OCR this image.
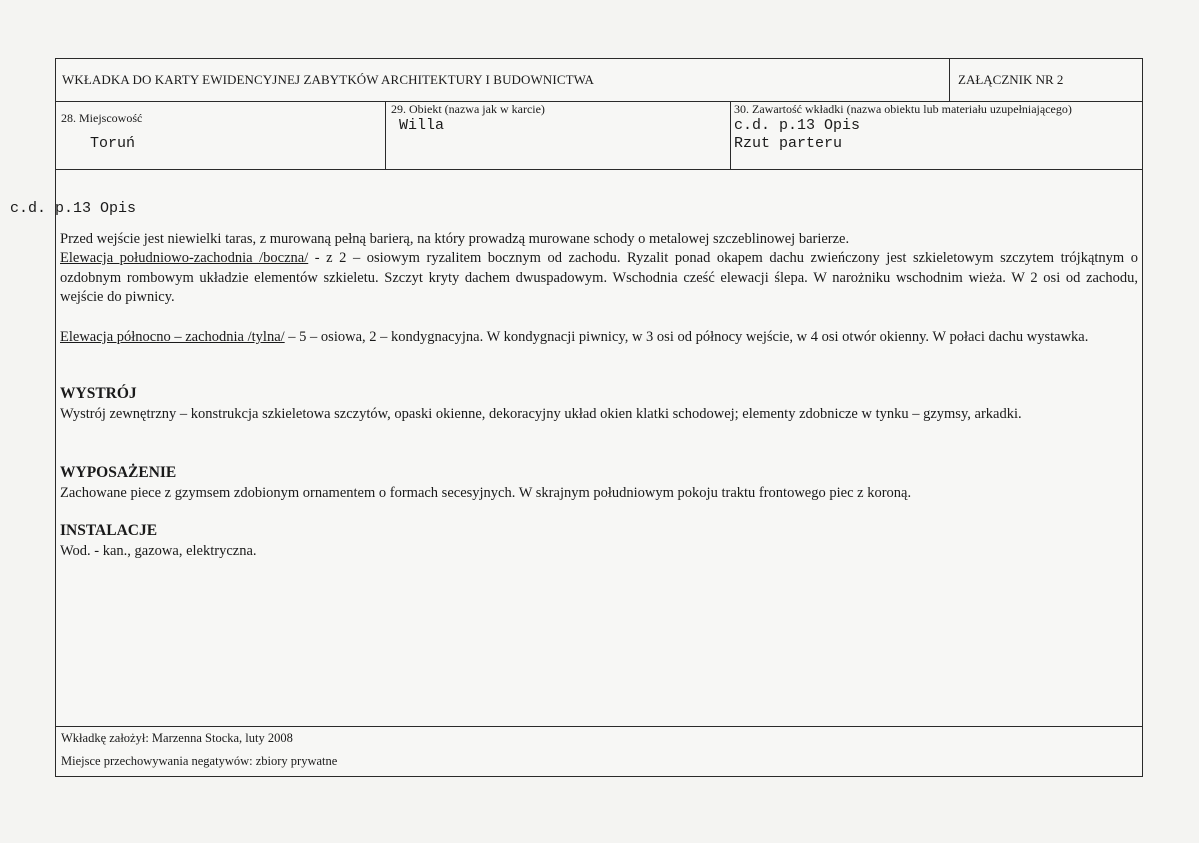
WKŁADKA DO KARTY EWIDENCYJNEJ ZABYTKÓW ARCHITEKTURY I BUDOWNICTWA	ZAŁĄCZNIK NR 2
28. Miejscowość
Toruń
29. Obiekt (nazwa jak w karcie)
Willa
30. Zawartość wkładki (nazwa obiektu lub materiału uzupełniającego)
c.d. p.13 Opis
Rzut parteru
Wkładkę założył: Marzenna Stocka, luty 2008
Miejsce przechowywania negatywów: zbiory prywatne
c.d. p.13 Opis
Przed wejście jest niewielki taras, z murowaną pełną barierą, na który prowadzą murowane schody o metalowej szczeblinowej barierze.
Elewacja południowo-zachodnia /boczna/ - z 2 – osiowym ryzalitem bocznym od zachodu. Ryzalit ponad okapem dachu zwieńczony jest szkieletowym szczytem trójkątnym o ozdobnym rombowym układzie elementów szkieletu. Szczyt kryty dachem dwuspadowym. Wschodnia cześć elewacji ślepa. W narożniku wschodnim wieża. W 2 osi od zachodu, wejście do piwnicy.
Elewacja północno – zachodnia /tylna/ – 5 – osiowa, 2 – kondygnacyjna. W kondygnacji piwnicy, w 3 osi od północy wejście, w 4 osi otwór okienny. W połaci dachu wystawka.
WYSTRÓJ
Wystrój zewnętrzny – konstrukcja szkieletowa szczytów, opaski okienne, dekoracyjny układ okien klatki schodowej; elementy zdobnicze w tynku – gzymsy, arkadki.
WYPOSAŻENIE
Zachowane piece z gzymsem zdobionym ornamentem o formach secesyjnych. W skrajnym południowym pokoju traktu frontowego piec z koroną.
INSTALACJE
Wod. - kan., gazowa, elektryczna.
